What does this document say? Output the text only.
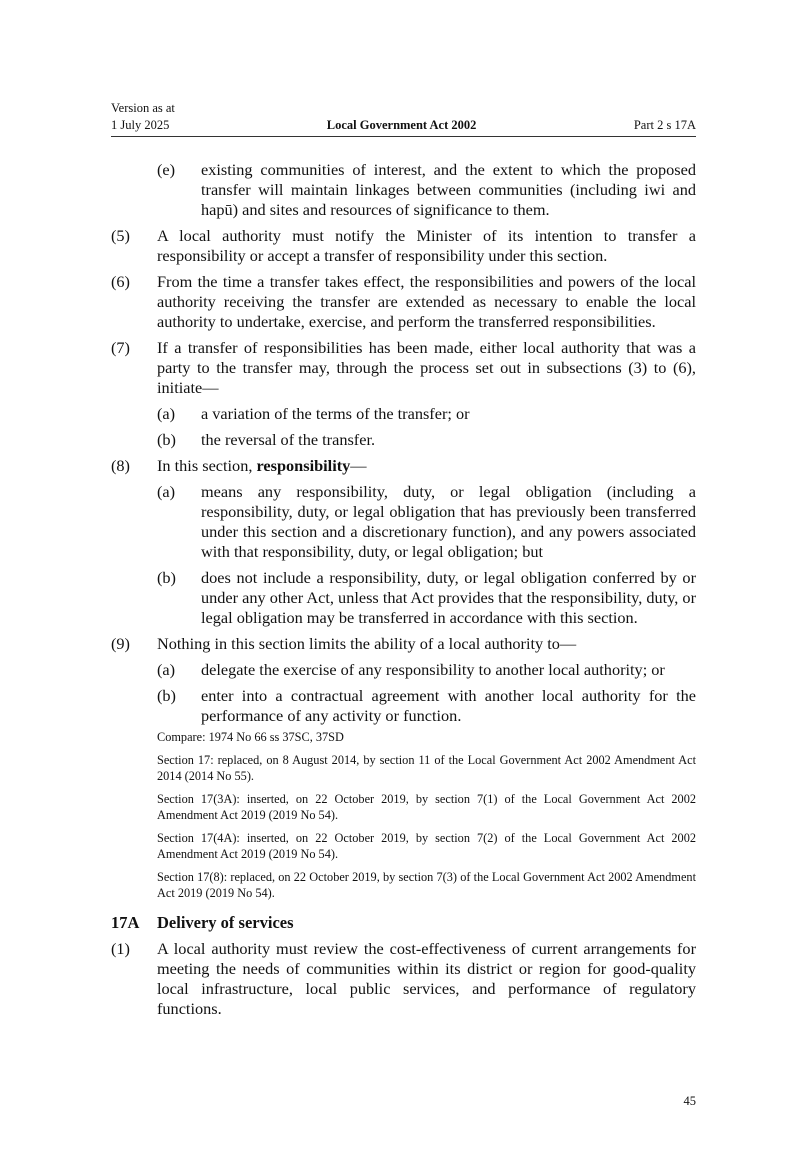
Version as at
1 July 2025	Local Government Act 2002	Part 2 s 17A
(e)	existing communities of interest, and the extent to which the proposed transfer will maintain linkages between communities (including iwi and hapū) and sites and resources of significance to them.
(5)	A local authority must notify the Minister of its intention to transfer a responsibility or accept a transfer of responsibility under this section.
(6)	From the time a transfer takes effect, the responsibilities and powers of the local authority receiving the transfer are extended as necessary to enable the local authority to undertake, exercise, and perform the transferred responsibilities.
(7)	If a transfer of responsibilities has been made, either local authority that was a party to the transfer may, through the process set out in subsections (3) to (6), initiate—
(a)	a variation of the terms of the transfer; or
(b)	the reversal of the transfer.
(8)	In this section, responsibility—
(a)	means any responsibility, duty, or legal obligation (including a responsibility, duty, or legal obligation that has previously been transferred under this section and a discretionary function), and any powers associated with that responsibility, duty, or legal obligation; but
(b)	does not include a responsibility, duty, or legal obligation conferred by or under any other Act, unless that Act provides that the responsibility, duty, or legal obligation may be transferred in accordance with this section.
(9)	Nothing in this section limits the ability of a local authority to—
(a)	delegate the exercise of any responsibility to another local authority; or
(b)	enter into a contractual agreement with another local authority for the performance of any activity or function.
Compare: 1974 No 66 ss 37SC, 37SD
Section 17: replaced, on 8 August 2014, by section 11 of the Local Government Act 2002 Amendment Act 2014 (2014 No 55).
Section 17(3A): inserted, on 22 October 2019, by section 7(1) of the Local Government Act 2002 Amendment Act 2019 (2019 No 54).
Section 17(4A): inserted, on 22 October 2019, by section 7(2) of the Local Government Act 2002 Amendment Act 2019 (2019 No 54).
Section 17(8): replaced, on 22 October 2019, by section 7(3) of the Local Government Act 2002 Amendment Act 2019 (2019 No 54).
17A	Delivery of services
(1)	A local authority must review the cost-effectiveness of current arrangements for meeting the needs of communities within its district or region for good-quality local infrastructure, local public services, and performance of regulatory functions.
45
